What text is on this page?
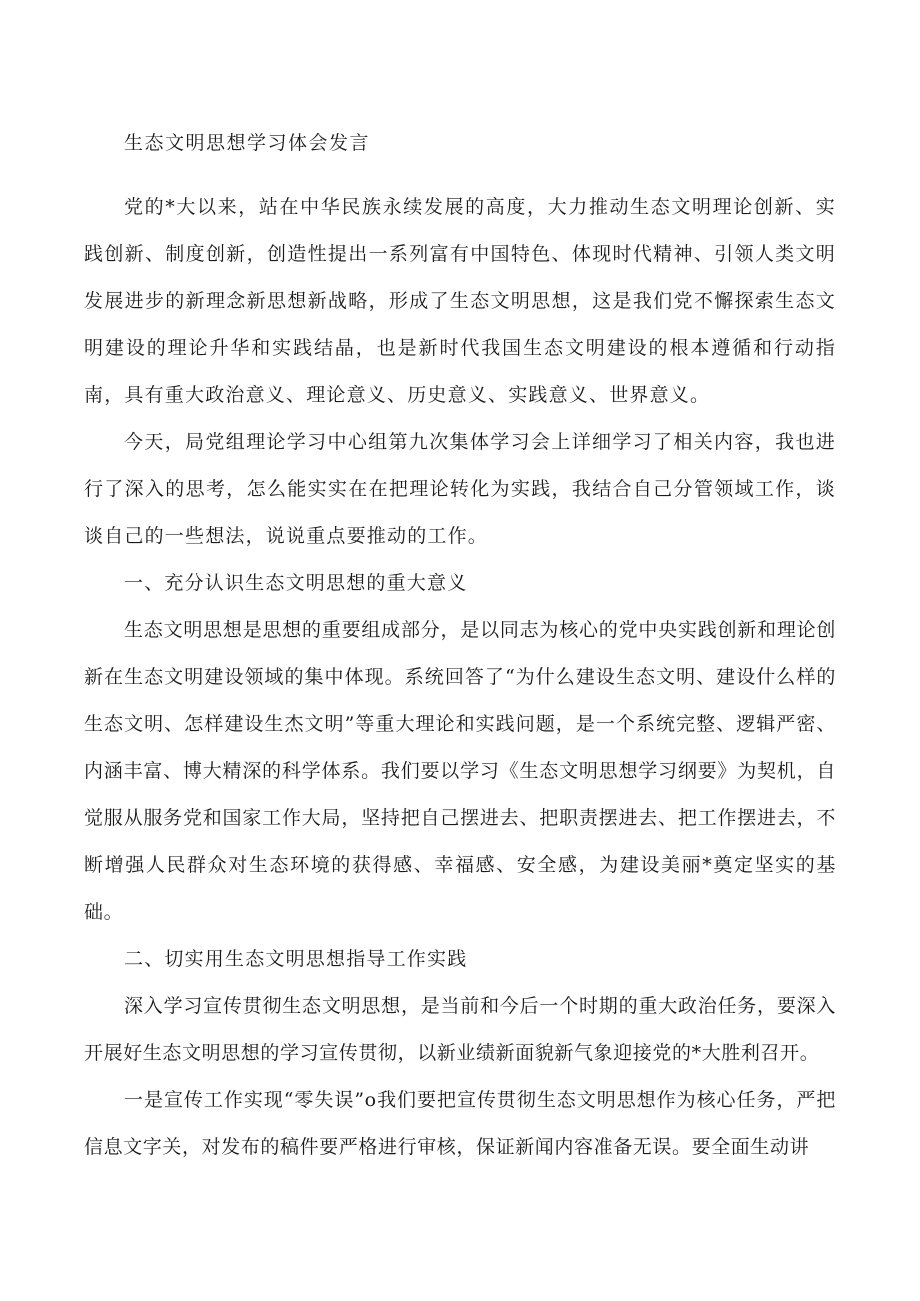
生态文明思想学习体会发言

党的*大以来，站在中华民族永续发展的高度，大力推动生态文明理论创新、实践创新、制度创新，创造性提出一系列富有中国特色、体现时代精神、引领人类文明发展进步的新理念新思想新战略，形成了生态文明思想，这是我们党不懈探索生态文明建设的理论升华和实践结晶，也是新时代我国生态文明建设的根本遵循和行动指南，具有重大政治意义、理论意义、历史意义、实践意义、世界意义。

今天，局党组理论学习中心组第九次集体学习会上详细学习了相关内容，我也进行了深入的思考，怎么能实实在在把理论转化为实践，我结合自己分管领域工作，谈谈自己的一些想法，说说重点要推动的工作。

一、充分认识生态文明思想的重大意义

生态文明思想是思想的重要组成部分，是以同志为核心的党中央实践创新和理论创新在生态文明建设领域的集中体现。系统回答了“为什么建设生态文明、建设什么样的生态文明、怎样建设生杰文明”等重大理论和实践问题，是一个系统完整、逻辑严密、内涵丰富、博大精深的科学体系。我们要以学习《生态文明思想学习纲要》为契机，自觉服从服务党和国家工作大局，坚持把自己摆进去、把职责摆进去、把工作摆进去，不断增强人民群众对生态环境的获得感、幸福感、安全感，为建设美丽*奠定坚实的基础。

二、切实用生态文明思想指导工作实践

深入学习宣传贯彻生态文明思想，是当前和今后一个时期的重大政治任务，要深入开展好生态文明思想的学习宣传贯彻，以新业绩新面貌新气象迎接党的*大胜利召开。

一是宣传工作实现“零失误”o我们要把宣传贯彻生态文明思想作为核心任务，严把信息文字关，对发布的稿件要严格进行审核，保证新闻内容准备无误。要全面生动讲
